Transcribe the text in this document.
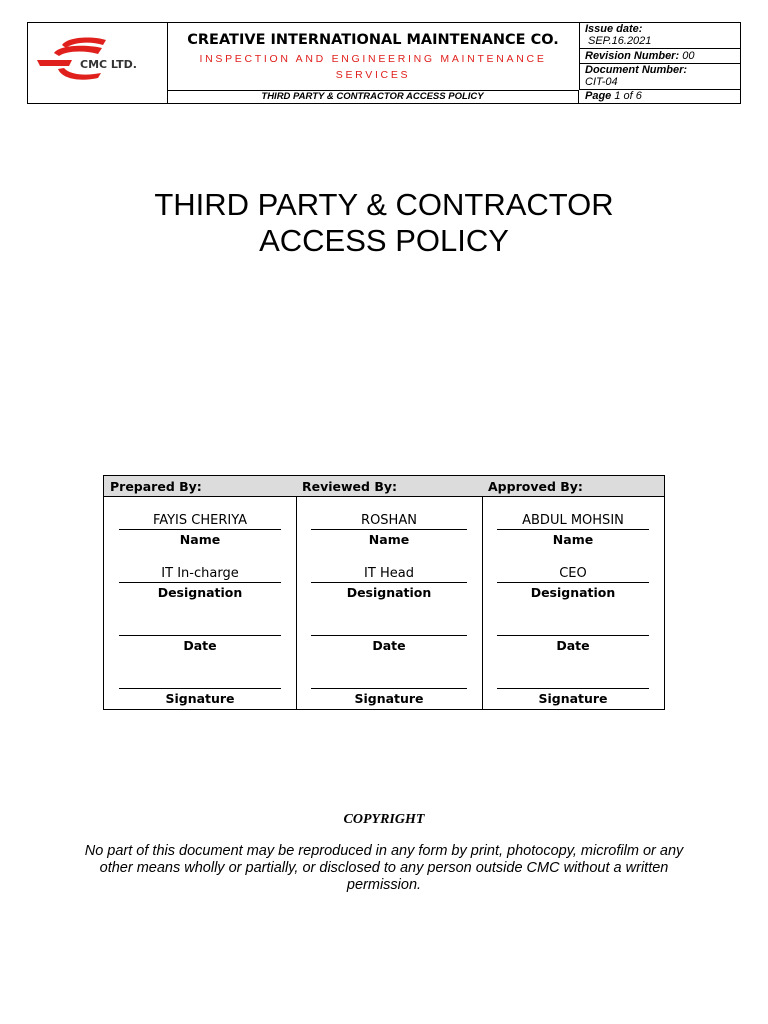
CMC LTD.
CREATIVE INTERNATIONAL MAINTENANCE CO.
INSPECTION AND ENGINEERING MAINTENANCE SERVICES
THIRD PARTY & CONTRACTOR ACCESS POLICY
Issue date:
SEP.16.2021
Revision Number: 00
Document Number:
CIT-04
Page 1 of 6
THIRD PARTY & CONTRACTOR
ACCESS POLICY
Prepared By:
FAYIS CHERIYA
Name
IT In-charge
Designation
Date
Signature
Reviewed By:
ROSHAN
Name
IT Head
Designation
Date
Signature
Approved By:
ABDUL MOHSIN
Name
CEO
Designation
Date
Signature
COPYRIGHT
No part of this document may be reproduced in any form by print, photocopy, microfilm or any other means wholly or partially, or disclosed to any person outside CMC without a written permission.
